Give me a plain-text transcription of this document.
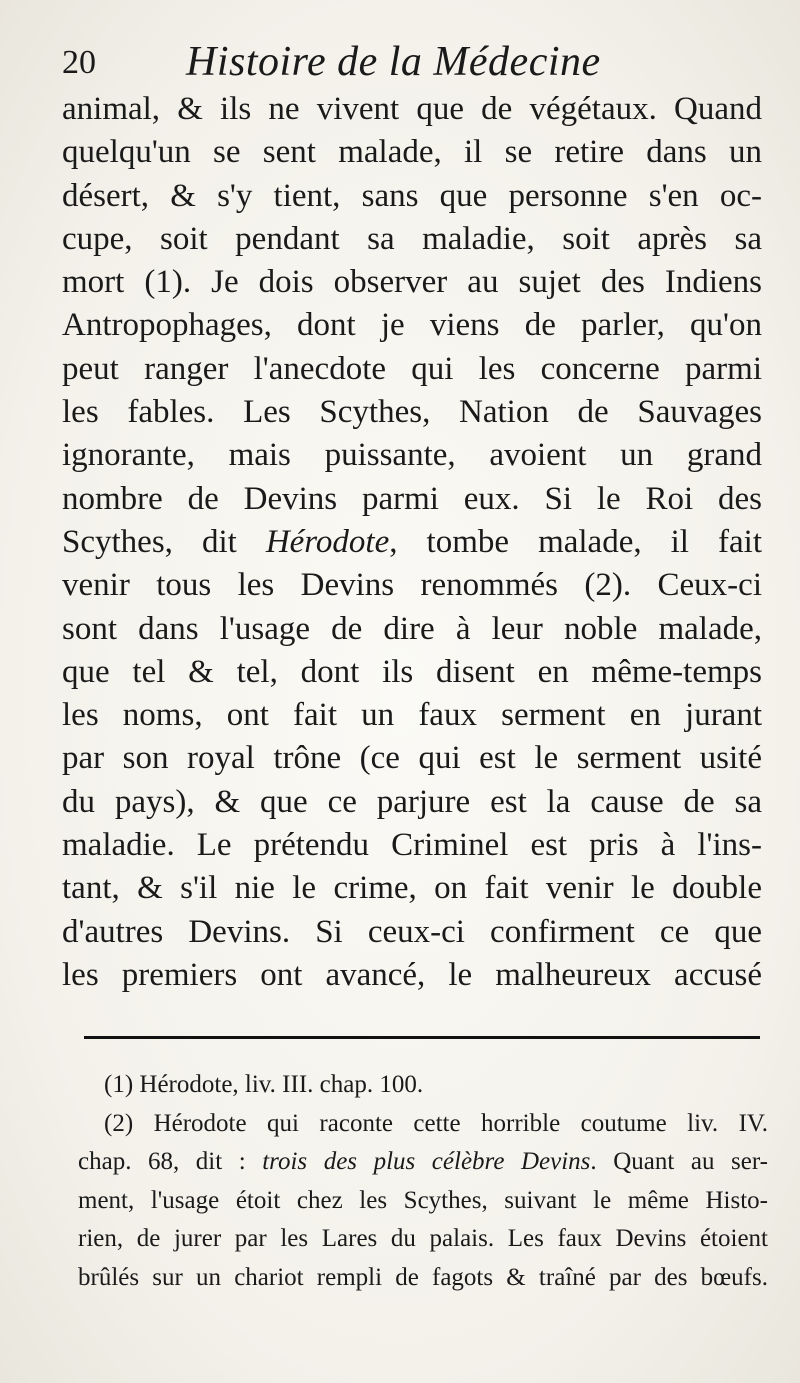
20 Histoire de la Médecine
animal, & ils ne vivent que de végétaux. Quand
quelqu'un se sent malade, il se retire dans un
désert, & s'y tient, sans que personne s'en oc-
cupe, soit pendant sa maladie, soit après sa
mort (1). Je dois observer au sujet des Indiens
Antropophages, dont je viens de parler, qu'on
peut ranger l'anecdote qui les concerne parmi
les fables. Les Scythes, Nation de Sauvages
ignorante, mais puissante, avoient un grand
nombre de Devins parmi eux. Si le Roi des
Scythes, dit Hérodote, tombe malade, il fait
venir tous les Devins renommés (2). Ceux-ci
sont dans l'usage de dire à leur noble malade,
que tel & tel, dont ils disent en même-temps
les noms, ont fait un faux serment en jurant
par son royal trône (ce qui est le serment usité
du pays), & que ce parjure est la cause de sa
maladie. Le prétendu Criminel est pris à l'ins-
tant, & s'il nie le crime, on fait venir le double
d'autres Devins. Si ceux-ci confirment ce que
les premiers ont avancé, le malheureux accusé
(1) Hérodote, liv. III. chap. 100.
(2) Hérodote qui raconte cette horrible coutume liv. IV.
chap. 68, dit : trois des plus célèbre Devins. Quant au ser-
ment, l'usage étoit chez les Scythes, suivant le même Histo-
rien, de jurer par les Lares du palais. Les faux Devins étoient
brûlés sur un chariot rempli de fagots & traîné par des bœufs.
